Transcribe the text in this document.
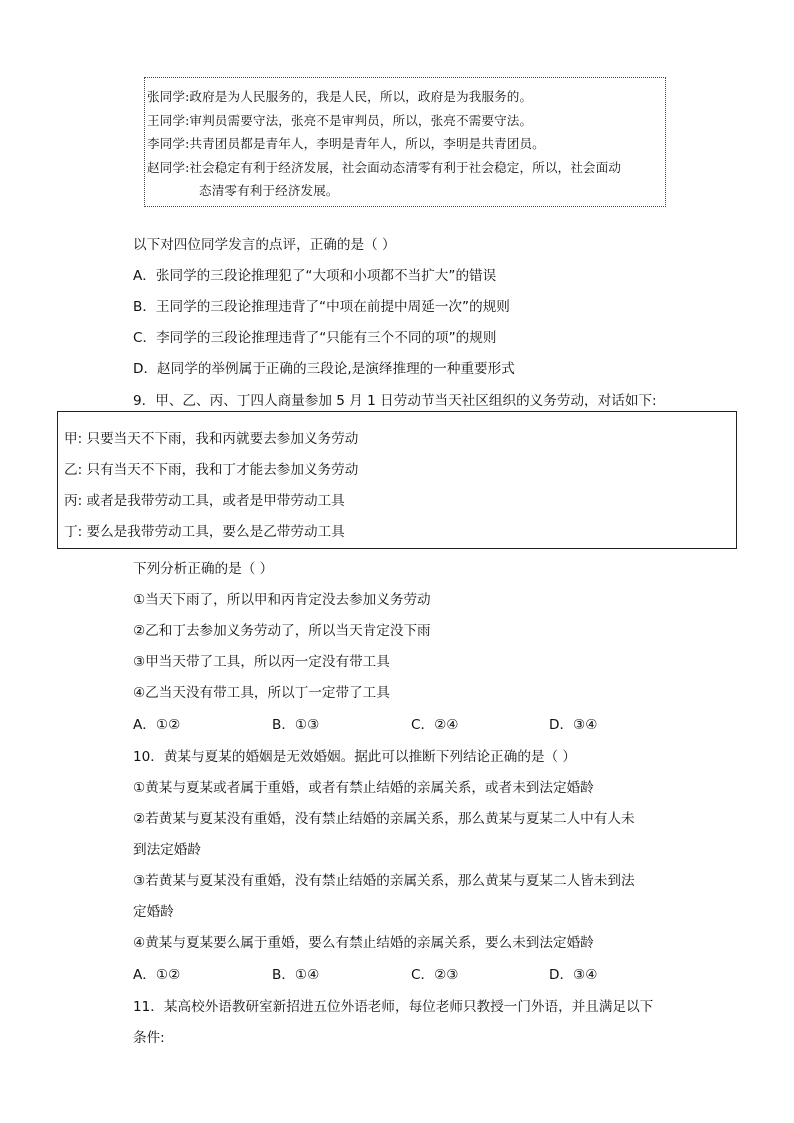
张同学:政府是为人民服务的，我是人民，所以，政府是为我服务的。
王同学:审判员需要守法，张亮不是审判员，所以，张亮不需要守法。
李同学:共青团员都是青年人，李明是青年人，所以，李明是共青团员。
赵同学:社会稳定有利于经济发展，社会面动态清零有利于社会稳定，所以，社会面动
态清零有利于经济发展。
以下对四位同学发言的点评，正确的是（ ）
A．张同学的三段论推理犯了“大项和小项都不当扩大”的错误
B．王同学的三段论推理违背了“中项在前提中周延一次”的规则
C．李同学的三段论推理违背了“只能有三个不同的项”的规则
D．赵同学的举例属于正确的三段论,是演绎推理的一种重要形式
9．甲、乙、丙、丁四人商量参加 5 月 1 日劳动节当天社区组织的义务劳动，对话如下:
甲: 只要当天不下雨，我和丙就要去参加义务劳动
乙: 只有当天不下雨，我和丁才能去参加义务劳动
丙: 或者是我带劳动工具，或者是甲带劳动工具
丁: 要么是我带劳动工具，要么是乙带劳动工具
下列分析正确的是（ ）
①当天下雨了，所以甲和丙肯定没去参加义务劳动
②乙和丁去参加义务劳动了，所以当天肯定没下雨
③甲当天带了工具，所以丙一定没有带工具
④乙当天没有带工具，所以丁一定带了工具
A．①②	B．①③	C．②④	D．③④
10．黄某与夏某的婚姻是无效婚姻。据此可以推断下列结论正确的是（ ）
①黄某与夏某或者属于重婚，或者有禁止结婚的亲属关系，或者未到法定婚龄
②若黄某与夏某没有重婚，没有禁止结婚的亲属关系，那么黄某与夏某二人中有人未
到法定婚龄
③若黄某与夏某没有重婚，没有禁止结婚的亲属关系，那么黄某与夏某二人皆未到法
定婚龄
④黄某与夏某要么属于重婚，要么有禁止结婚的亲属关系，要么未到法定婚龄
A．①②	B．①④	C．②③	D．③④
11．某高校外语教研室新招进五位外语老师，每位老师只教授一门外语，并且满足以下
条件:
